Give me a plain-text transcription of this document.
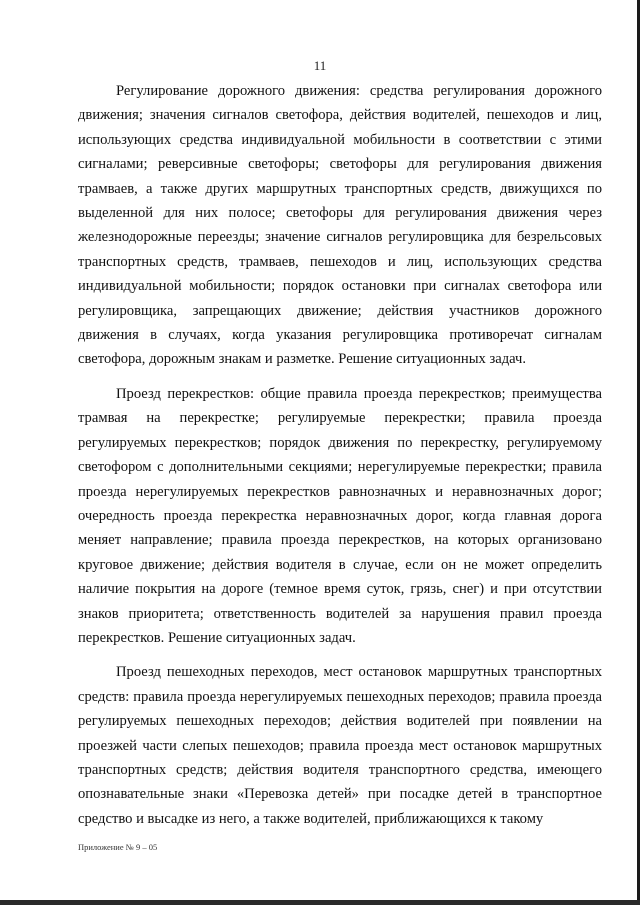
11

Регулирование дорожного движения: средства регулирования дорожного движения; значения сигналов светофора, действия водителей, пешеходов и лиц, использующих средства индивидуальной мобильности в соответствии с этими сигналами; реверсивные светофоры; светофоры для регулирования движения трамваев, а также других маршрутных транспортных средств, движущихся по выделенной для них полосе; светофоры для регулирования движения через железнодорожные переезды; значение сигналов регулировщика для безрельсовых транспортных средств, трамваев, пешеходов и лиц, использующих средства индивидуальной мобильности; порядок остановки при сигналах светофора или регулировщика, запрещающих движение; действия участников дорожного движения в случаях, когда указания регулировщика противоречат сигналам светофора, дорожным знакам и разметке. Решение ситуационных задач.

Проезд перекрестков: общие правила проезда перекрестков; преимущества трамвая на перекрестке; регулируемые перекрестки; правила проезда регулируемых перекрестков; порядок движения по перекрестку, регулируемому светофором с дополнительными секциями; нерегулируемые перекрестки; правила проезда нерегулируемых перекрестков равнозначных и неравнозначных дорог; очередность проезда перекрестка неравнозначных дорог, когда главная дорога меняет направление; правила проезда перекрестков, на которых организовано круговое движение; действия водителя в случае, если он не может определить наличие покрытия на дороге (темное время суток, грязь, снег) и при отсутствии знаков приоритета; ответственность водителей за нарушения правил проезда перекрестков. Решение ситуационных задач.

Проезд пешеходных переходов, мест остановок маршрутных транспортных средств: правила проезда нерегулируемых пешеходных переходов; правила проезда регулируемых пешеходных переходов; действия водителей при появлении на проезжей части слепых пешеходов; правила проезда мест остановок маршрутных транспортных средств; действия водителя транспортного средства, имеющего опознавательные знаки «Перевозка детей» при посадке детей в транспортное средство и высадке из него, а также водителей, приближающихся к такому

Приложение № 9 – 05
